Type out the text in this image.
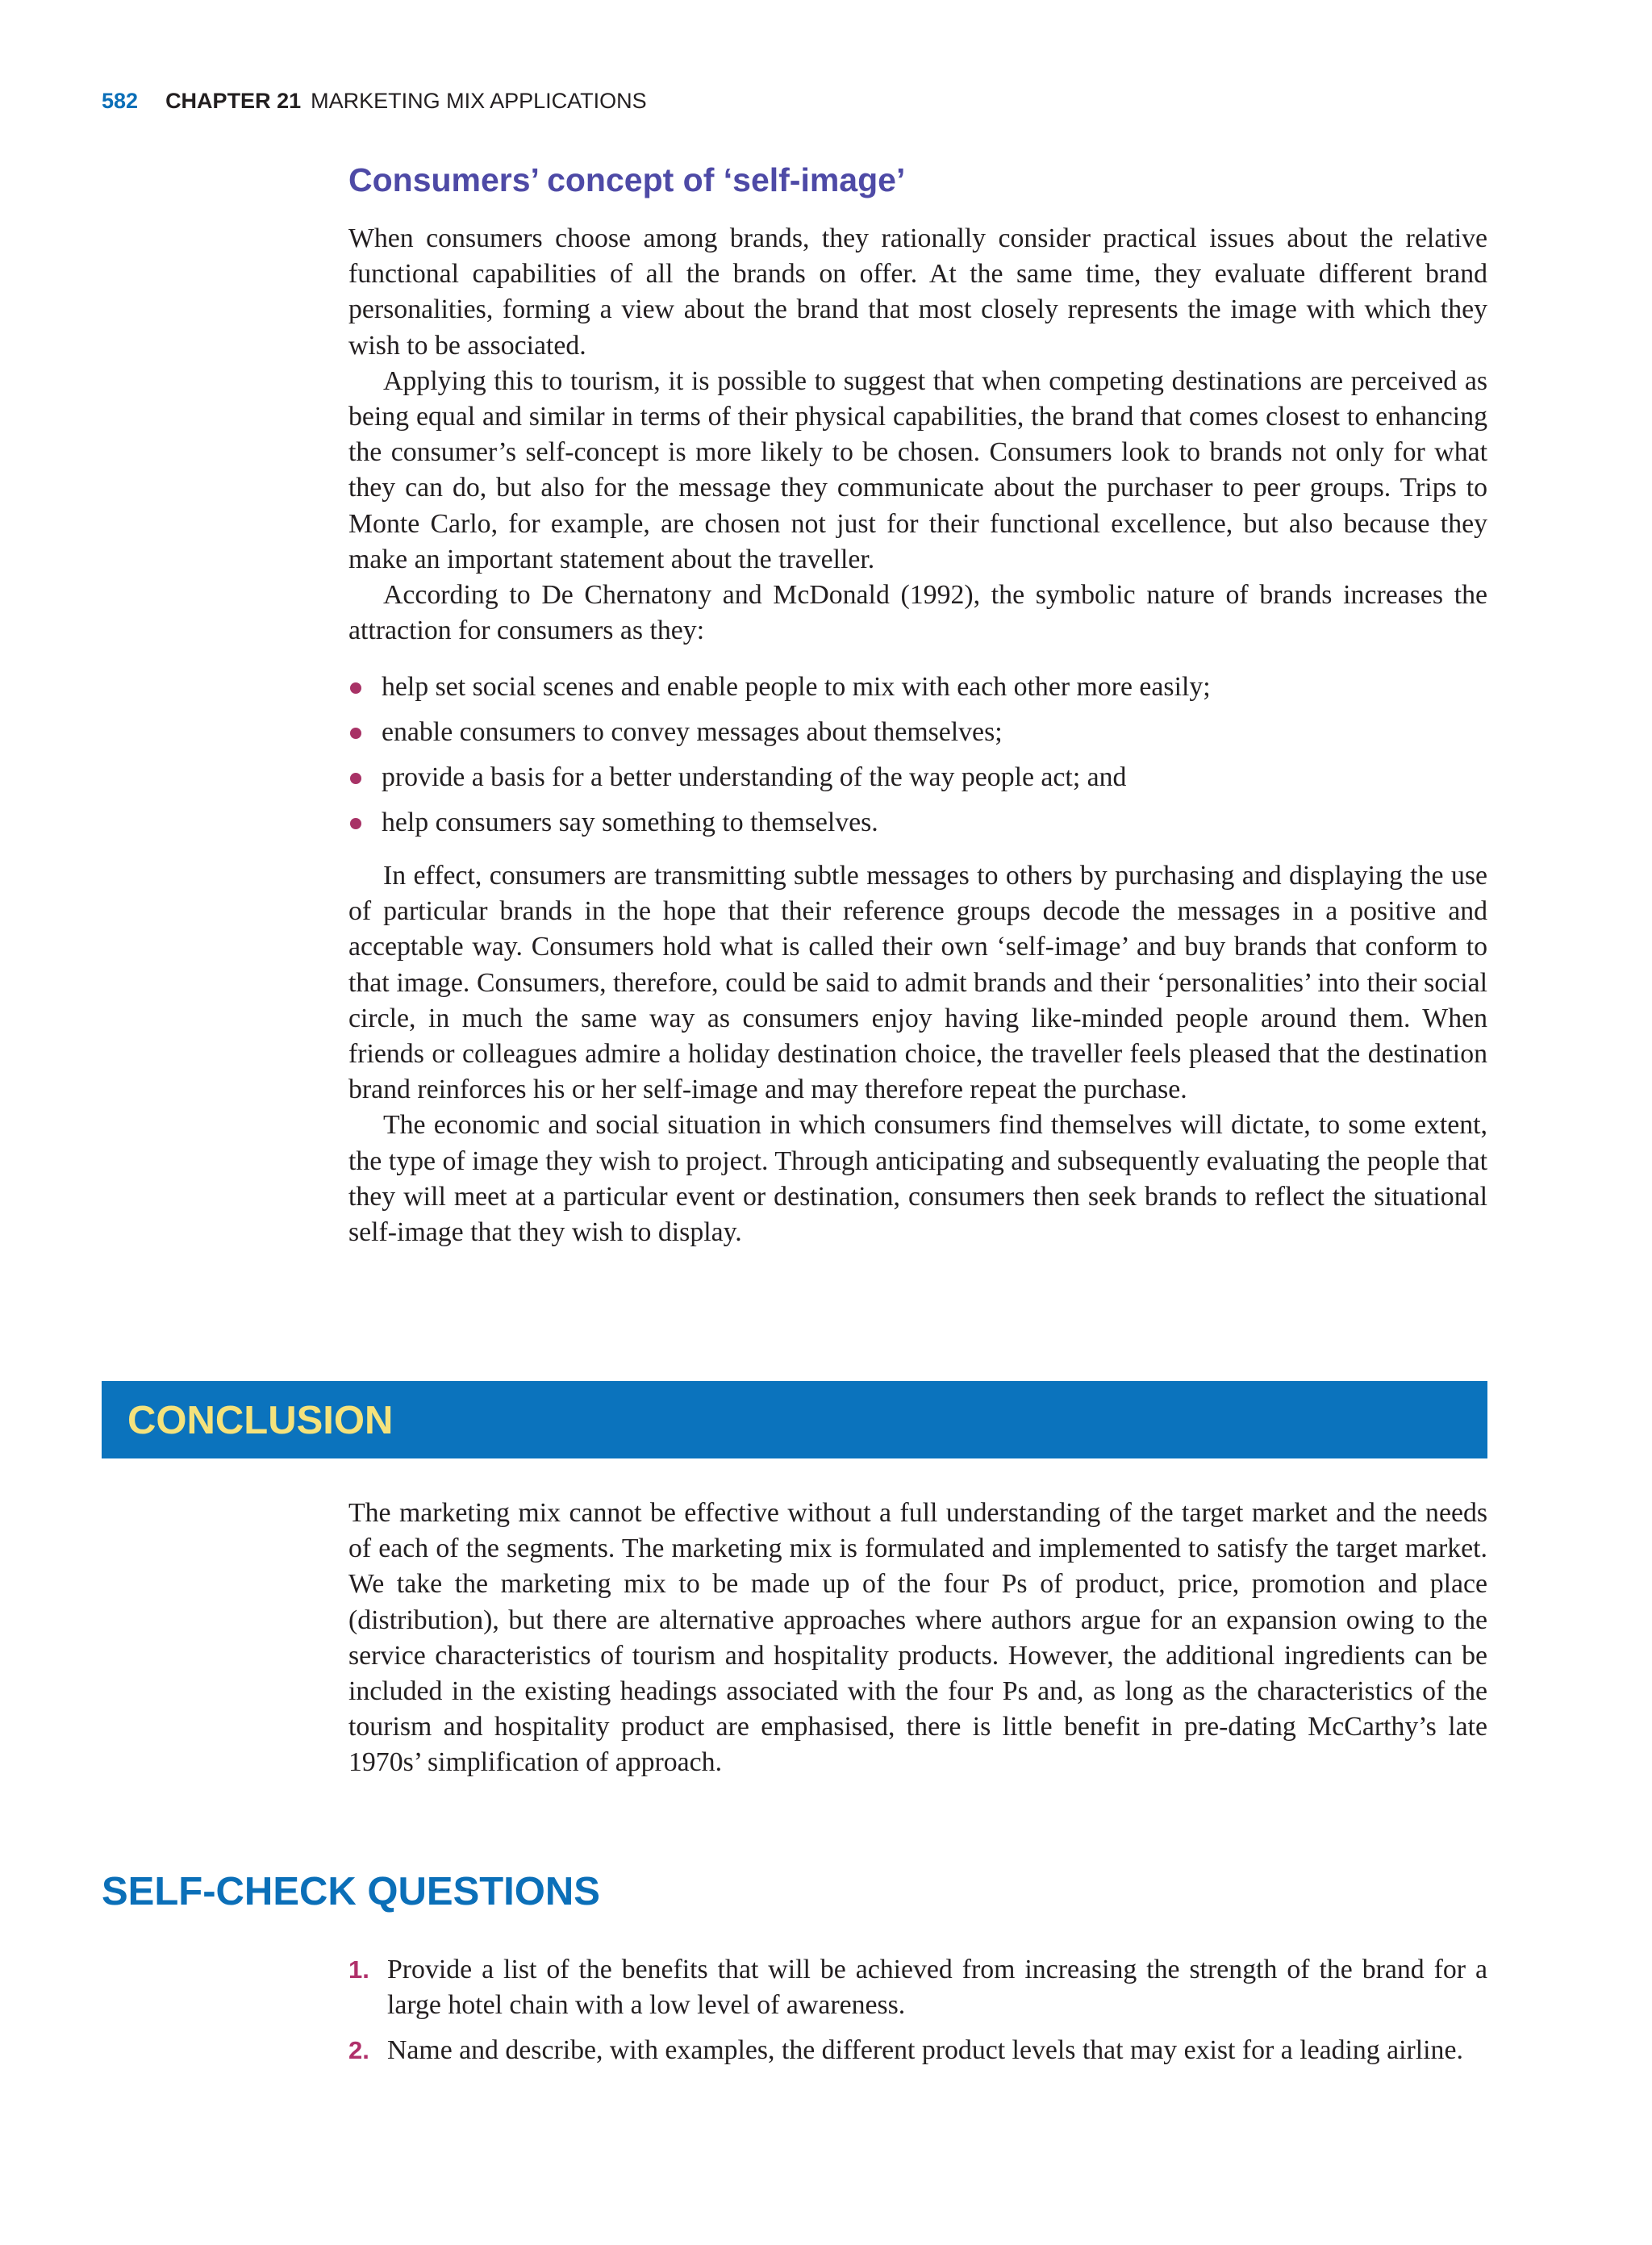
582 CHAPTER 21 MARKETING MIX APPLICATIONS
Consumers’ concept of ‘self-image’

When consumers choose among brands, they rationally consider practical issues about the relative functional capabilities of all the brands on offer. At the same time, they evaluate different brand personalities, forming a view about the brand that most closely represents the image with which they wish to be associated.

Applying this to tourism, it is possible to suggest that when competing destinations are perceived as being equal and similar in terms of their physical capabilities, the brand that comes closest to enhancing the consumer’s self-concept is more likely to be chosen. Consumers look to brands not only for what they can do, but also for the message they communicate about the purchaser to peer groups. Trips to Monte Carlo, for example, are chosen not just for their functional excellence, but also because they make an important statement about the traveller.

According to De Chernatony and McDonald (1992), the symbolic nature of brands increases the attraction for consumers as they:

help set social scenes and enable people to mix with each other more easily;
enable consumers to convey messages about themselves;
provide a basis for a better understanding of the way people act; and
help consumers say something to themselves.

In effect, consumers are transmitting subtle messages to others by purchasing and displaying the use of particular brands in the hope that their reference groups decode the messages in a positive and acceptable way. Consumers hold what is called their own ‘self-image’ and buy brands that conform to that image. Consumers, therefore, could be said to admit brands and their ‘personalities’ into their social circle, in much the same way as consumers enjoy having like-minded people around them. When friends or colleagues admire a holiday destination choice, the traveller feels pleased that the destination brand reinforces his or her self-image and may therefore repeat the purchase.

The economic and social situation in which consumers find themselves will dictate, to some extent, the type of image they wish to project. Through anticipating and subsequently evaluating the people that they will meet at a particular event or destination, consumers then seek brands to reflect the situational self-image that they wish to display.

CONCLUSION

The marketing mix cannot be effective without a full understanding of the target market and the needs of each of the segments. The marketing mix is formulated and implemented to satisfy the target market. We take the marketing mix to be made up of the four Ps of product, price, promotion and place (distribution), but there are alternative approaches where authors argue for an expansion owing to the service characteristics of tourism and hospitality products. However, the additional ingredients can be included in the existing headings associated with the four Ps and, as long as the characteristics of the tourism and hospitality product are emphasised, there is little benefit in pre-dating McCarthy’s late 1970s’ simplification of approach.

SELF-CHECK QUESTIONS
1. Provide a list of the benefits that will be achieved from increasing the strength of the brand for a large hotel chain with a low level of awareness.
2. Name and describe, with examples, the different product levels that may exist for a leading airline.
